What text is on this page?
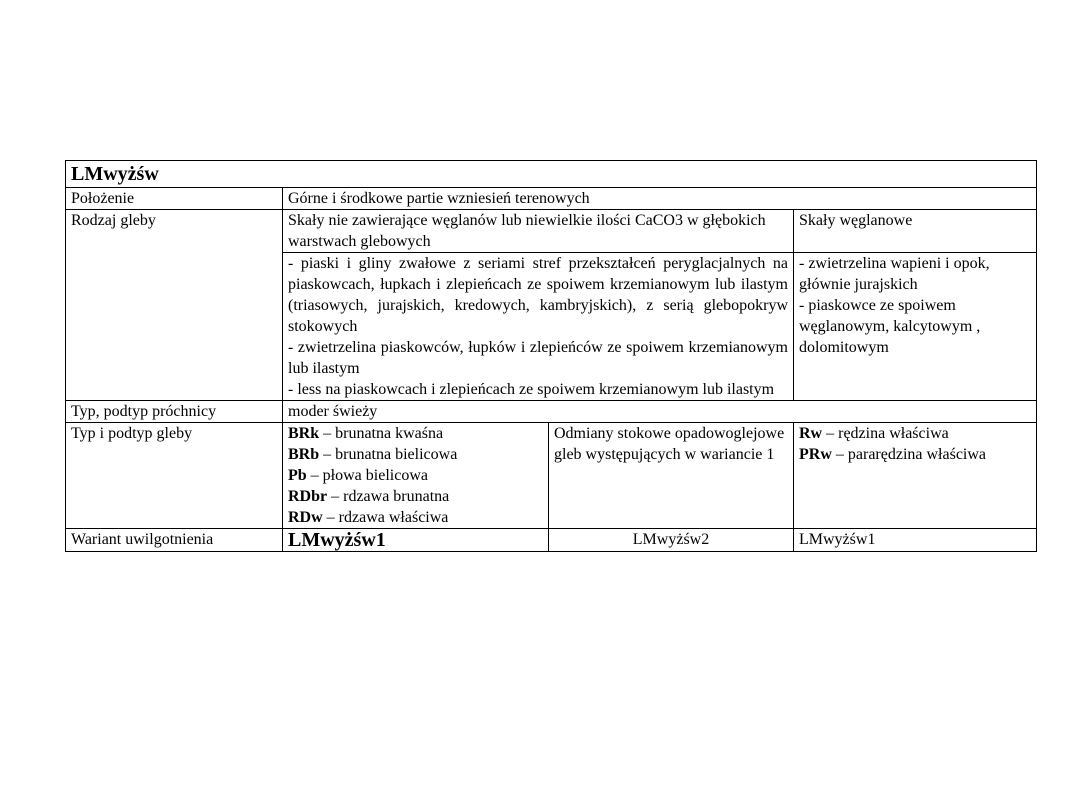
LMwyżśw			
Położenie	Górne i środkowe partie wzniesień terenowych		
Rodzaj gleby	Skały nie zawierające węglanów lub niewielkie ilości CaCO3 w głębokich warstwach glebowych		Skały węglanowe

	- piaski i gliny zwałowe z seriami stref przekształceń peryglacjalnych na piaskowcach, łupkach i zlepieńcach ze spoiwem krzemianowym lub ilastym (triasowych, jurajskich, kredowych, kambryjskich), z serią glebopokryw stokowych
- zwietrzelina piaskowców, łupków i zlepieńców ze spoiwem krzemianowym lub ilastym
- less na piaskowcach i zlepieńcach ze spoiwem krzemianowym lub ilastym		- zwietrzelina wapieni i opok, głównie jurajskich
- piaskowce ze spoiwem węglanowym, kalcytowym , dolomitowym

Typ, podtyp próchnicy	moder świeży		
Typ i podtyp gleby	BRk – brunatna kwaśna
BRb – brunatna bielicowa
Pb – płowa bielicowa
RDbr – rdzawa brunatna
RDw – rdzawa właściwa	Odmiany stokowe opadowoglejowe gleb występujących w wariancie 1	Rw – rędzina właściwa
PRw – pararędzina właściwa

Wariant uwilgotnienia	LMwyżśw1	LMwyżśw2	LMwyżśw1
